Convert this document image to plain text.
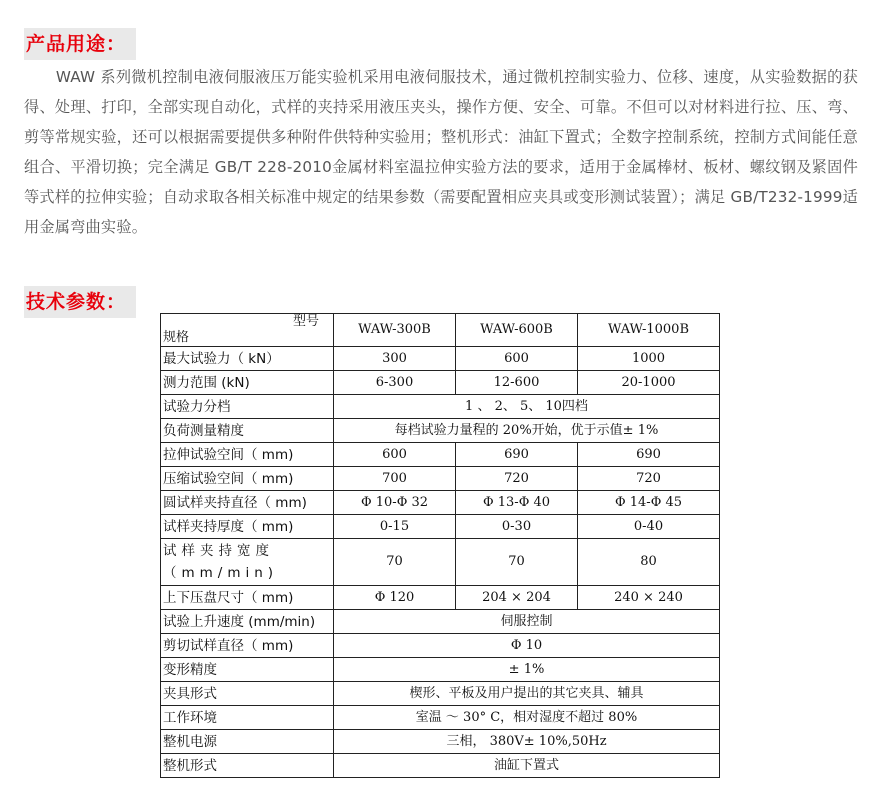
产品用途：
WAW 系列微机控制电液伺服液压万能实验机采用电液伺服技术，通过微机控制实验力、位移、速度，从实验数据的获得、处理、打印，全部实现自动化，式样的夹持采用液压夹头，操作方便、安全、可靠。不但可以对材料进行拉、压、弯、剪等常规实验，还可以根据需要提供多种附件供特种实验用；整机形式：油缸下置式；全数字控制系统，控制方式间能任意组合、平滑切换；完全满足 GB/T 228-2010金属材料室温拉伸实验方法的要求，适用于金属棒材、板材、螺纹钢及紧固件等式样的拉伸实验；自动求取各相关标准中规定的结果参数（需要配置相应夹具或变形测试装置）；满足 GB/T232-1999适用金属弯曲实验。
技术参数：
型号
规格	WAW-300B	WAW-600B	WAW-1000B
最大试验力（ kN）	300	600	1000
测力范围 (kN)	6-300	12-600	20-1000
试验力分档	1 、 2、 5、 10四档		
负荷测量精度	每档试验力量程的 20%开始，优于示值± 1%		
拉伸试验空间（ mm)	600	690	690
压缩试验空间（ mm)	700	720	720
圆试样夹持直径（ mm)	Φ 10-Φ 32	Φ 13-Φ 40	Φ 14-Φ 45
试样夹持厚度（ mm)	0-15	0-30	0-40
试样夹持宽度（mm/min)	70	70	80
上下压盘尺寸（ mm)	Φ 120	204 × 204	240 × 240
试验上升速度 (mm/min)	伺服控制		
剪切试样直径（ mm)	Φ 10		
变形精度	± 1%		
夹具形式	楔形、平板及用户提出的其它夹具、辅具		
工作环境	室温 ～ 30° C，相对湿度不超过 80%		
整机电源	三相， 380V± 10%,50Hz		
整机形式	油缸下置式		
